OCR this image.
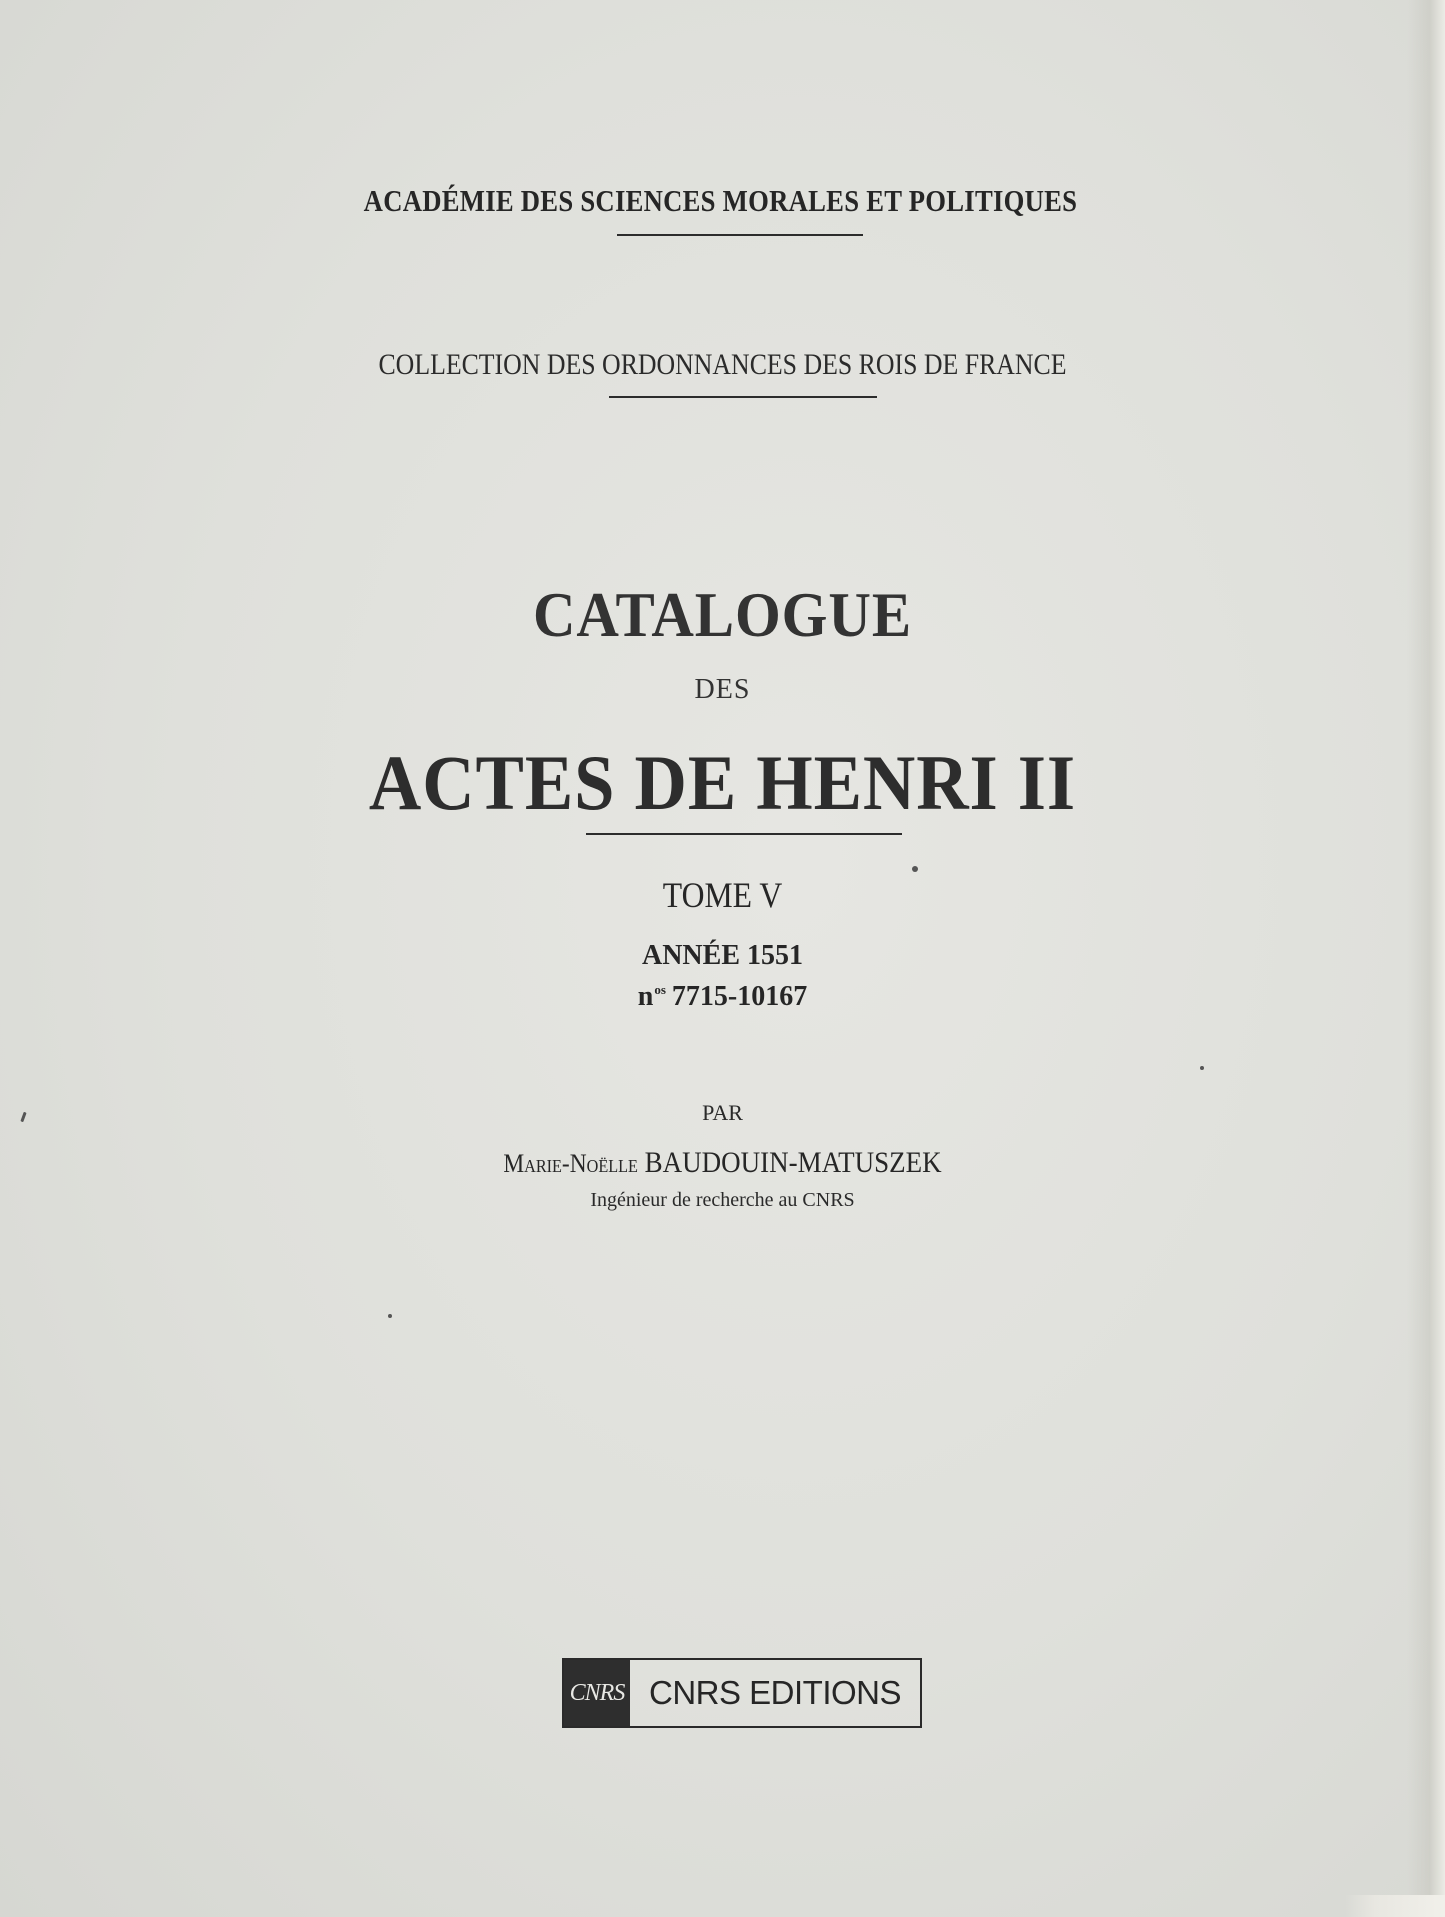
ACADÉMIE DES SCIENCES MORALES ET POLITIQUES

COLLECTION DES ORDONNANCES DES ROIS DE FRANCE

CATALOGUE

DES

ACTES DE HENRI II

TOME V

ANNÉE 1551

$n^{os}$ 7715-10167

PAR

Marie-Noëlle BAUDOUIN-MATUSZEK

Ingénieur de recherche au CNRS

CNRS CNRS EDITIONS
